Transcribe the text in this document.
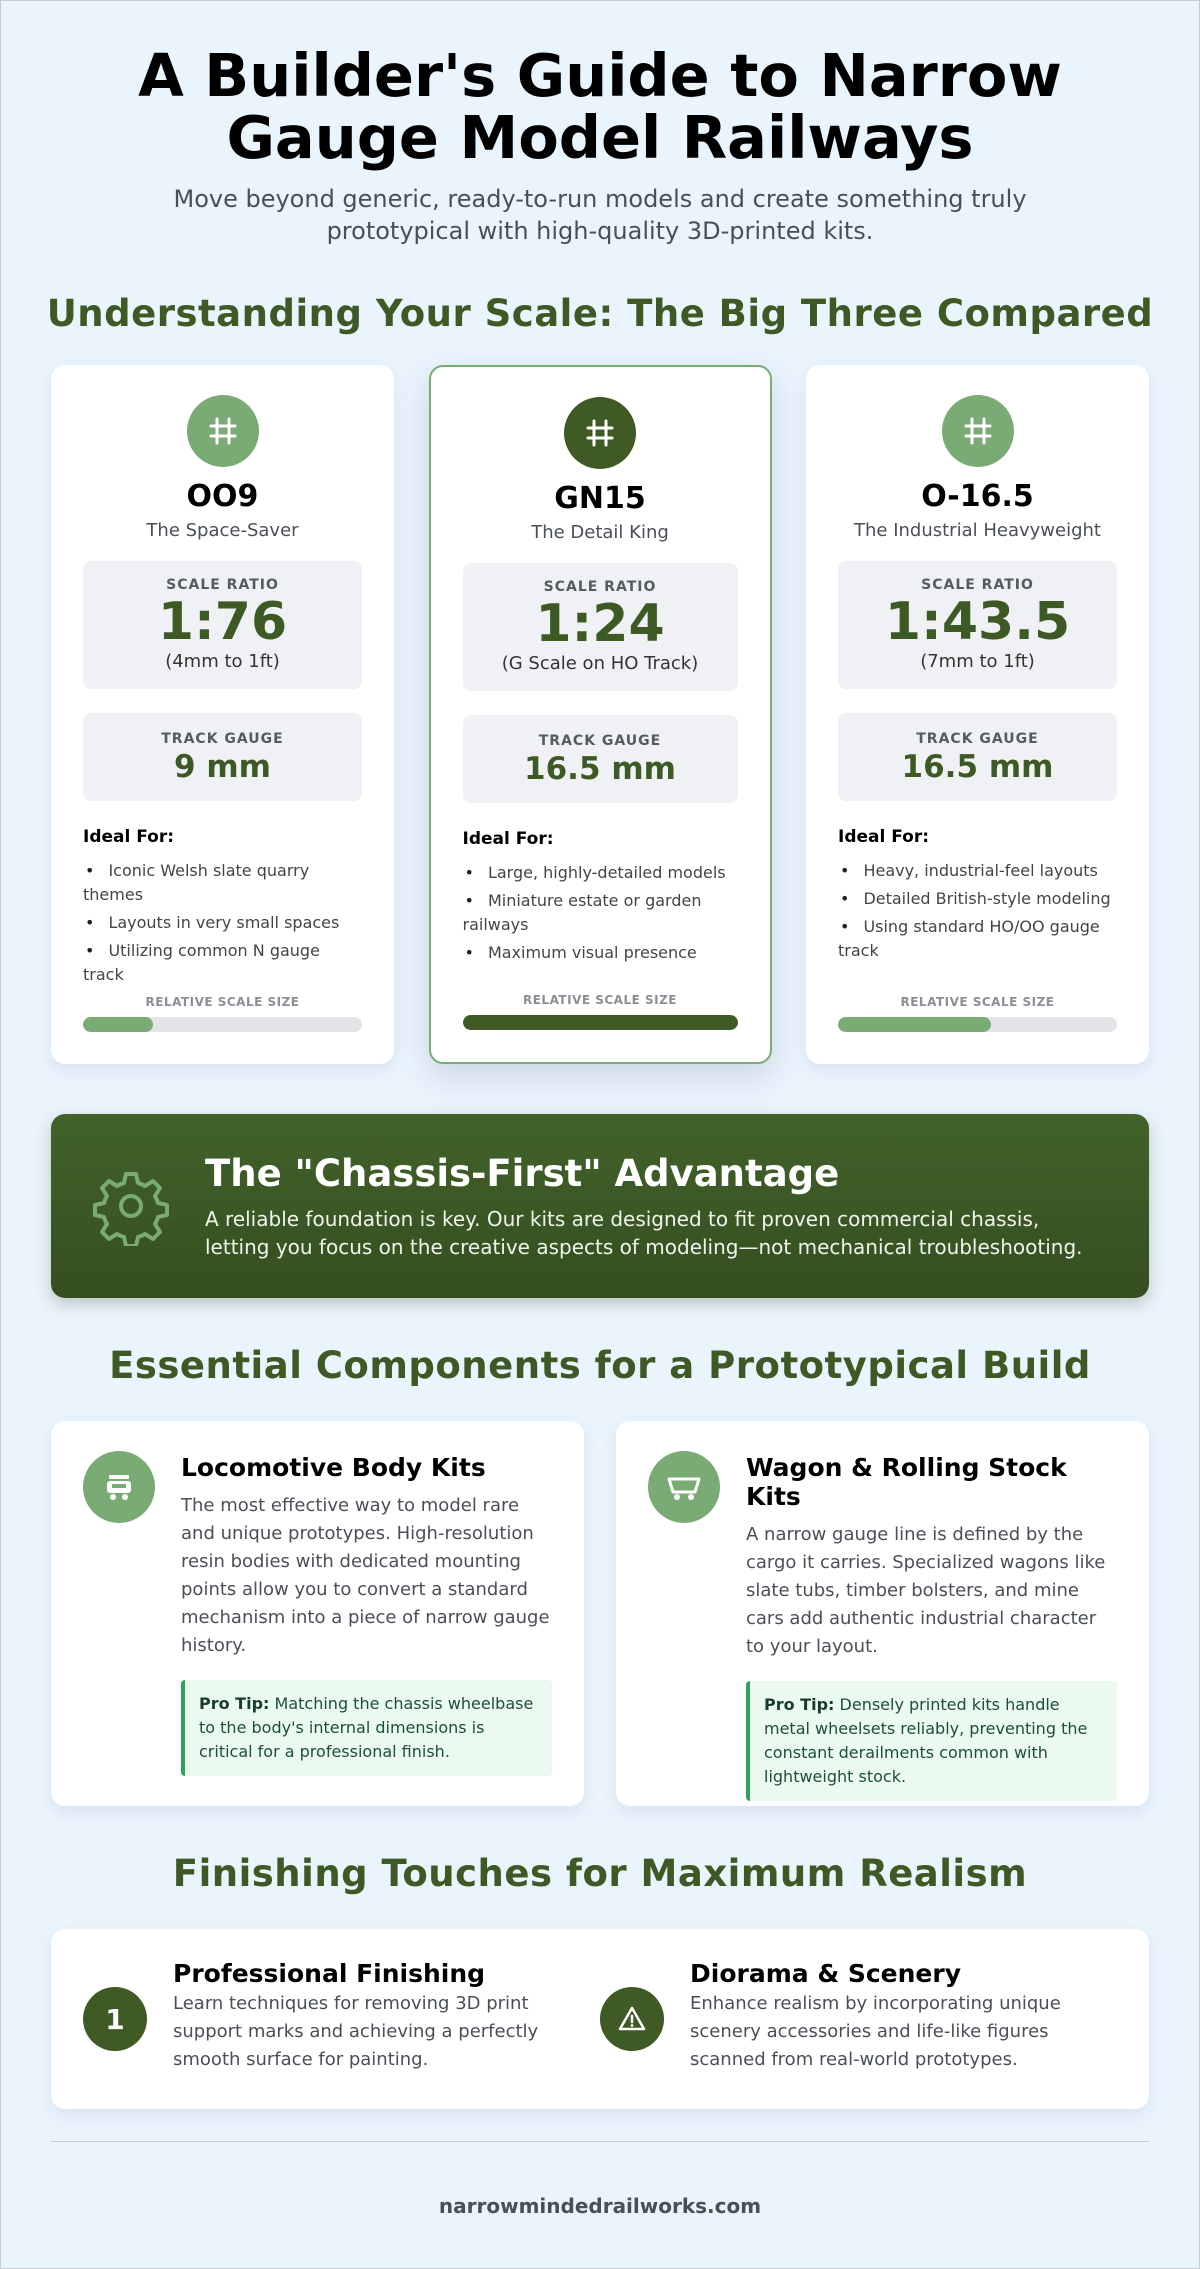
A Builder's Guide to Narrow Gauge Model Railways

Move beyond generic, ready-to-run models and create something truly prototypical with high-quality 3D-printed kits.

Understanding Your Scale: The Big Three Compared
OO9
The Space-Saver
SCALE RATIO
1:76
(4mm to 1ft)
TRACK GAUGE
9 mm
Ideal For:
• Iconic Welsh slate quarry themes
• Layouts in very small spaces
• Utilizing common N gauge track
RELATIVE SCALE SIZE
GN15
The Detail King
SCALE RATIO
1:24
(G Scale on HO Track)
TRACK GAUGE
16.5 mm
Ideal For:
• Large, highly-detailed models
• Miniature estate or garden railways
• Maximum visual presence
RELATIVE SCALE SIZE
O-16.5
The Industrial Heavyweight
SCALE RATIO
1:43.5
(7mm to 1ft)
TRACK GAUGE
16.5 mm
Ideal For:
• Heavy, industrial-feel layouts
• Detailed British-style modeling
• Using standard HO/OO gauge track
RELATIVE SCALE SIZE
The "Chassis-First" Advantage
A reliable foundation is key. Our kits are designed to fit proven commercial chassis, letting you focus on the creative aspects of modeling—not mechanical troubleshooting.
Essential Components for a Prototypical Build
Locomotive Body Kits
The most effective way to model rare and unique prototypes. High-resolution resin bodies with dedicated mounting points allow you to convert a standard mechanism into a piece of narrow gauge history.
Pro Tip: Matching the chassis wheelbase to the body's internal dimensions is critical for a professional finish.
Wagon & Rolling Stock Kits
A narrow gauge line is defined by the cargo it carries. Specialized wagons like slate tubs, timber bolsters, and mine cars add authentic industrial character to your layout.
Pro Tip: Densely printed kits handle metal wheelsets reliably, preventing the constant derailments common with lightweight stock.
Finishing Touches for Maximum Realism
1
Professional Finishing
Learn techniques for removing 3D print support marks and achieving a perfectly smooth surface for painting.
Diorama & Scenery
Enhance realism by incorporating unique scenery accessories and life-like figures scanned from real-world prototypes.
narrowmindedrailworks.com
